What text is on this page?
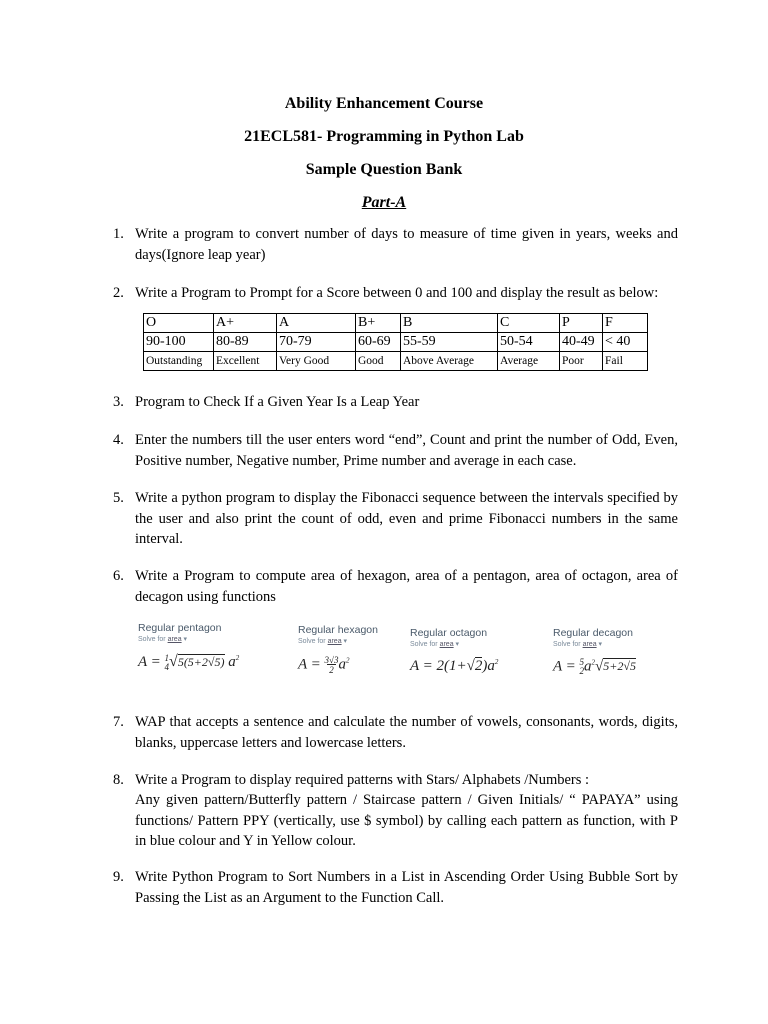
Ability Enhancement Course
21ECL581- Programming in Python Lab
Sample Question Bank
Part-A
1. Write a program to convert number of days to measure of time given in years, weeks and days(Ignore leap year)
2. Write a Program to Prompt for a Score between 0 and 100 and display the result as below:
O	A+	A	B+	B	C	P	F
90-100	80-89	70-79	60-69	55-59	50-54	40-49	< 40
Outstanding	Excellent	Very Good	Good	Above Average	Average	Poor	Fail
3. Program to Check If a Given Year Is a Leap Year
4. Enter the numbers till the user enters word “end”, Count and print the number of Odd, Even, Positive number, Negative number, Prime number and average in each case.
5. Write a python program to display the Fibonacci sequence between the intervals specified by the user and also print the count of odd, even and prime Fibonacci numbers in the same interval.
6. Write a Program to compute area of hexagon, area of a pentagon, area of octagon, area of decagon using functions
Regular pentagon
Solve for area ▾
A = 1
4√5(5+2√5) $a^2$
Regular hexagon
Solve for area ▾
A = 3√3
2 $a^2$
Regular octagon
Solve for area ▾
$A = 2(1+√2)a^2$
Regular decagon
Solve for area ▾
A = 5
$2a^2√5+2√5$
7. WAP that accepts a sentence and calculate the number of vowels, consonants, words, digits, blanks, uppercase letters and lowercase letters.
8. Write a Program to display required patterns with Stars/ Alphabets /Numbers :
Any given pattern/Butterfly pattern / Staircase pattern / Given Initials/ “ PAPAYA” using functions/ Pattern PPY (vertically, use $ symbol) by calling each pattern as function, with P in blue colour and Y in Yellow colour.
9. Write Python Program to Sort Numbers in a List in Ascending Order Using Bubble Sort by Passing the List as an Argument to the Function Call.
